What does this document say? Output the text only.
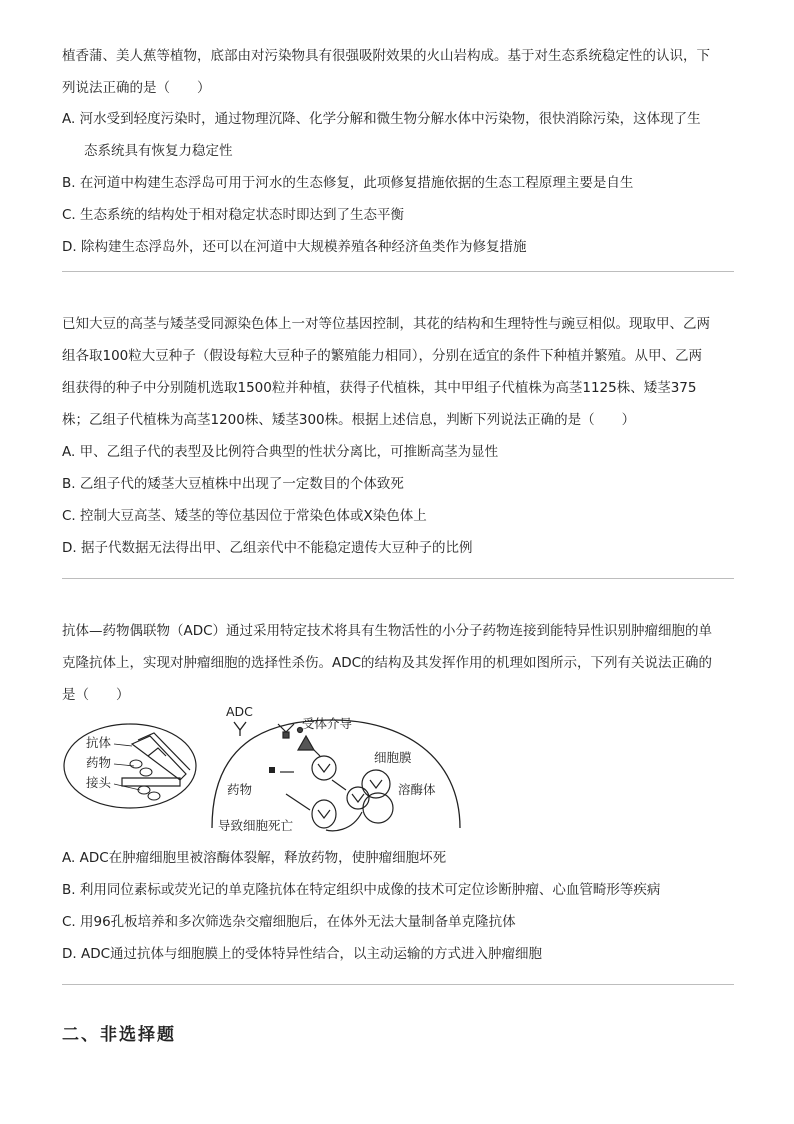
植香蒲、美人蕉等植物，底部由对污染物具有很强吸附效果的火山岩构成。基于对生态系统稳定性的认识，下
列说法正确的是（　　）
A. 河水受到轻度污染时，通过物理沉降、化学分解和微生物分解水体中污染物，很快消除污染，这体现了生
态系统具有恢复力稳定性
B. 在河道中构建生态浮岛可用于河水的生态修复，此项修复措施依据的生态工程原理主要是自生
C. 生态系统的结构处于相对稳定状态时即达到了生态平衡
D. 除构建生态浮岛外，还可以在河道中大规模养殖各种经济鱼类作为修复措施
已知大豆的高茎与矮茎受同源染色体上一对等位基因控制，其花的结构和生理特性与豌豆相似。现取甲、乙两
组各取100粒大豆种子（假设每粒大豆种子的繁殖能力相同），分别在适宜的条件下种植并繁殖。从甲、乙两
组获得的种子中分别随机选取1500粒并种植，获得子代植株，其中甲组子代植株为高茎1125株、矮茎375
株；乙组子代植株为高茎1200株、矮茎300株。根据上述信息，判断下列说法正确的是（　　）
A. 甲、乙组子代的表型及比例符合典型的性状分离比，可推断高茎为显性
B. 乙组子代的矮茎大豆植株中出现了一定数目的个体致死
C. 控制大豆高茎、矮茎的等位基因位于常染色体或X染色体上
D. 据子代数据无法得出甲、乙组亲代中不能稳定遗传大豆种子的比例
抗体—药物偶联物（ADC）通过采用特定技术将具有生物活性的小分子药物连接到能特异性识别肿瘤细胞的单
克隆抗体上，实现对肿瘤细胞的选择性杀伤。ADC的结构及其发挥作用的机理如图所示，下列有关说法正确的
是（　　）
抗体
药物
接头
ADC
受体介导
细胞膜
溶酶体
药物
导致细胞死亡
A. ADC在肿瘤细胞里被溶酶体裂解，释放药物，使肿瘤细胞坏死
B. 利用同位素标或荧光记的单克隆抗体在特定组织中成像的技术可定位诊断肿瘤、心血管畸形等疾病
C. 用96孔板培养和多次筛选杂交瘤细胞后，在体外无法大量制备单克隆抗体
D. ADC通过抗体与细胞膜上的受体特异性结合，以主动运输的方式进入肿瘤细胞
二、非选择题
